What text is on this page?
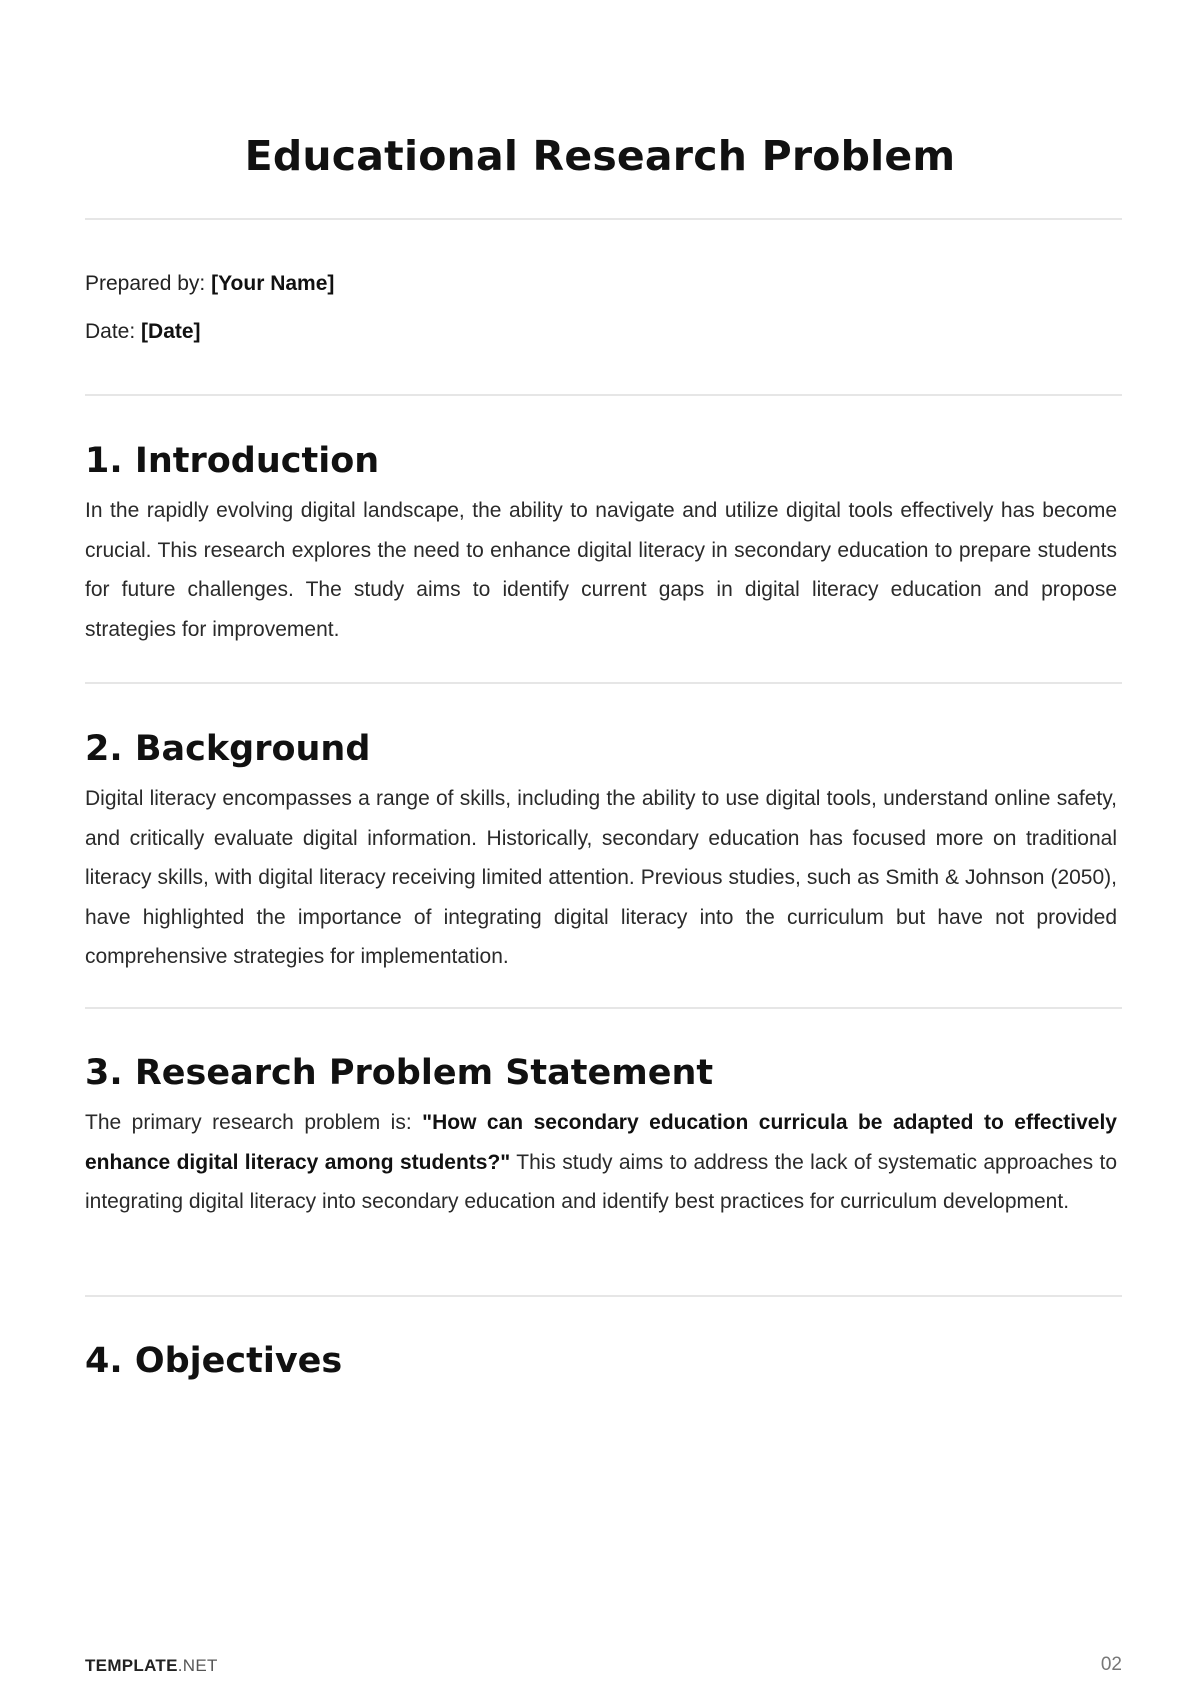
Educational Research Problem

Prepared by: [Your Name]

Date: [Date]

1. Introduction

In the rapidly evolving digital landscape, the ability to navigate and utilize digital tools effectively has become crucial. This research explores the need to enhance digital literacy in secondary education to prepare students for future challenges. The study aims to identify current gaps in digital literacy education and propose strategies for improvement.

2. Background

Digital literacy encompasses a range of skills, including the ability to use digital tools, understand online safety, and critically evaluate digital information. Historically, secondary education has focused more on traditional literacy skills, with digital literacy receiving limited attention. Previous studies, such as Smith & Johnson (2050), have highlighted the importance of integrating digital literacy into the curriculum but have not provided comprehensive strategies for implementation.

3. Research Problem Statement

The primary research problem is: "How can secondary education curricula be adapted to effectively enhance digital literacy among students?" This study aims to address the lack of systematic approaches to integrating digital literacy into secondary education and identify best practices for curriculum development.

4. Objectives
TEMPLATE.NET	02
